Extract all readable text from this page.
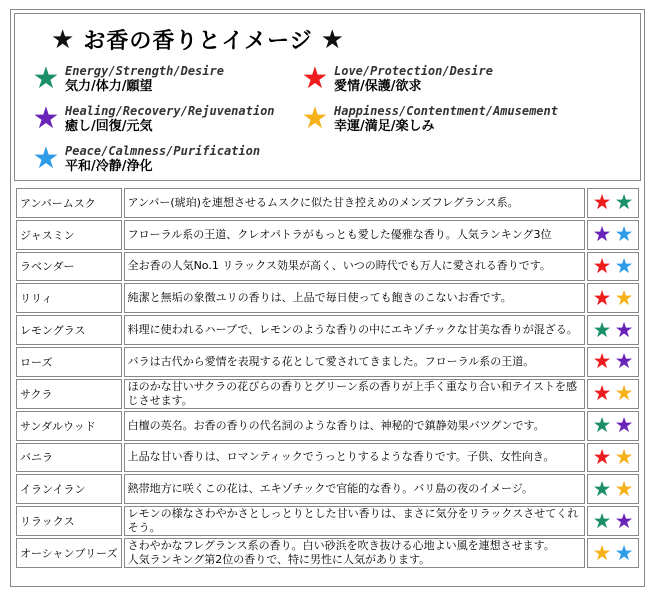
★ お香の香りとイメージ ★
★ Energy/Strength/Desire
気力/体力/願望	★ Love/Protection/Desire
愛情/保護/欲求
★ Healing/Recovery/Rejuvenation
癒し/回復/元気	★ Happiness/Contentment/Amusement
幸運/満足/楽しみ
★ Peace/Calmness/Purification
平和/冷静/浄化
アンバームスク	アンバー(琥珀)を連想させるムスクに似た甘き控えめのメンズフレグランス系。	★ ★
ジャスミン	フローラル系の王道、クレオパトラがもっとも愛した優雅な香り。人気ランキング3位	★ ★
ラベンダー	全お香の人気No.1 リラックス効果が高く、いつの時代でも万人に愛される香りです。	★ ★
リリィ	純潔と無垢の象徴ユリの香りは、上品で毎日使っても飽きのこないお香です。	★ ★
レモングラス	料理に使われるハーブで、レモンのような香りの中にエキゾチックな甘美な香りが混ざる。	★ ★
ローズ	バラは古代から愛情を表現する花として愛されてきました。フローラル系の王道。	★ ★
サクラ	ほのかな甘いサクラの花びらの香りとグリーン系の香りが上手く重なり合い和テイストを感じさせます。	★ ★
サンダルウッド	白檀の英名。お香の香りの代名詞のような香りは、神秘的で鎮静効果バツグンです。	★ ★
バニラ	上品な甘い香りは、ロマンティックでうっとりするような香りです。子供、女性向き。	★ ★
イランイラン	熱帯地方に咲くこの花は、エキゾチックで官能的な香り。バリ島の夜のイメージ。	★ ★
リラックス	レモンの様なさわやかさとしっとりとした甘い香りは、まさに気分をリラックスさせてくれそう。	★ ★
オーシャンブリーズ	さわやかなフレグランス系の香り。白い砂浜を吹き抜ける心地よい風を連想させます。
人気ランキング第2位の香りで、特に男性に人気があります。	★ ★
